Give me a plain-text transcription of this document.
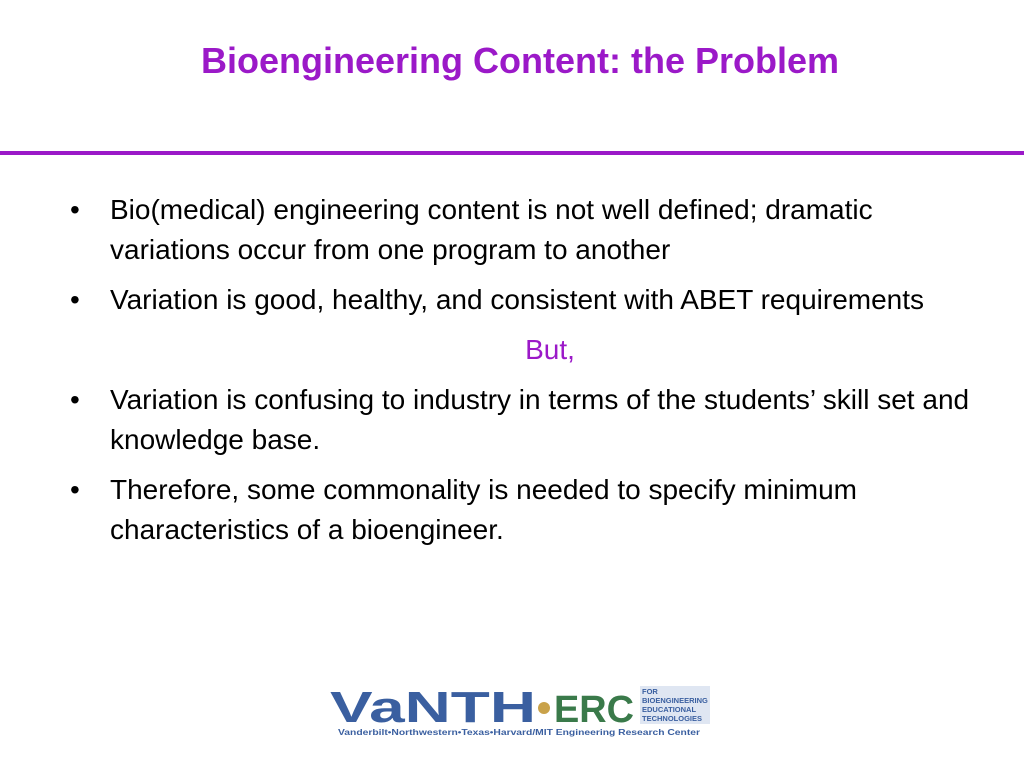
Bioengineering Content: the Problem
•	Bio(medical) engineering content is not well defined; dramatic variations occur from one program to another
•	Variation is good, healthy, and consistent with ABET requirements
But,
•	Variation is confusing to industry in terms of the students’ skill set and knowledge base.
•	Therefore, some commonality is needed to specify minimum characteristics of a bioengineer.
VaNTH ERC FOR
BIOENGINEERING
EDUCATIONAL
TECHNOLOGIES
Vanderbilt•Northwestern•Texas•Harvard/MIT Engineering Research Center
